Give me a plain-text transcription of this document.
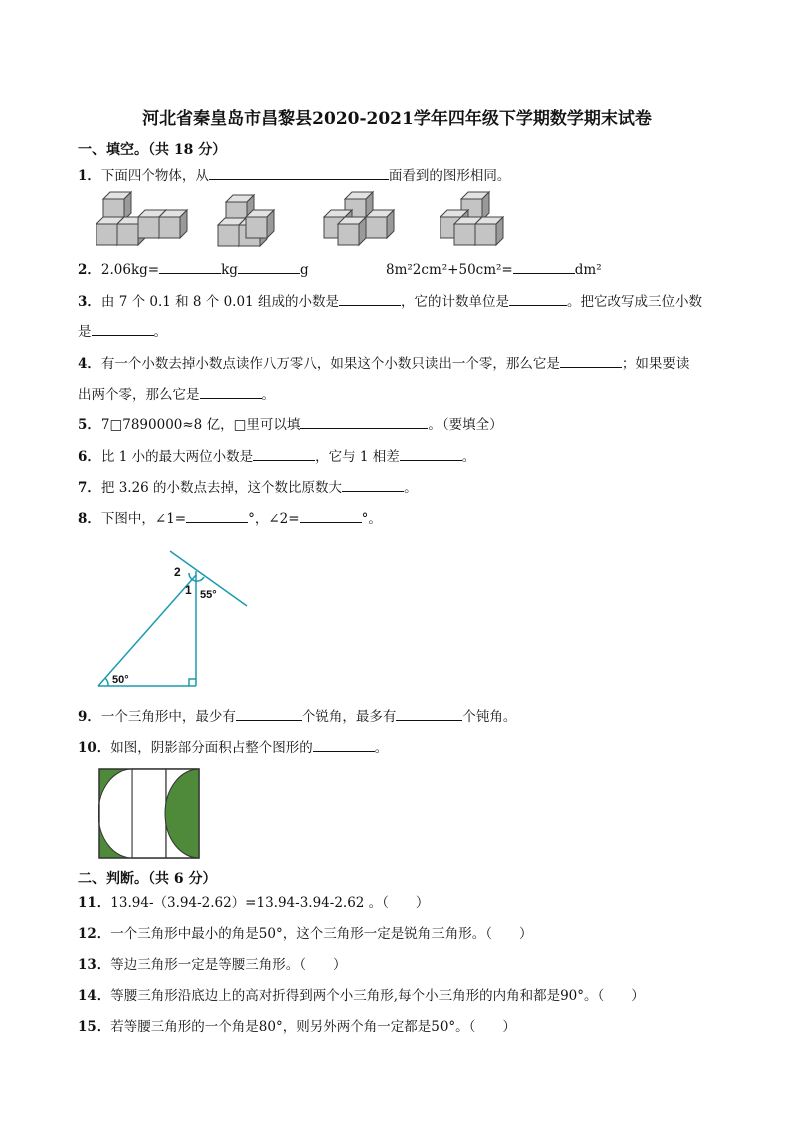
河北省秦皇岛市昌黎县2020-2021学年四年级下学期数学期末试卷
一、填空。（共 18 分）
1．下面四个物体，从	面看到的图形相同。
2．2.06kg=	kg	g	8m²2cm²+50cm²=	dm²
3．由 7 个 0.1 和 8 个 0.01 组成的小数是	，它的计数单位是	。把它改写成三位小数
是	。
4．有一个小数去掉小数点读作八万零八，如果这个小数只读出一个零，那么它是	；如果要读
出两个零，那么它是	。
5．7□7890000≈8 亿，□里可以填	。（要填全）
6．比 1 小的最大两位小数是	，它与 1 相差	。
7．把 3.26 的小数点去掉，这个数比原数大	。
8．下图中，∠1=	°，∠2=	°。
2
1 55°
50°
9．一个三角形中，最少有	个锐角，最多有	个钝角。
10．如图，阴影部分面积占整个图形的	。
二、判断。（共 6 分）
11．13.94-（3.94-2.62）=13.94-3.94-2.62 。（　　）
12．一个三角形中最小的角是50°，这个三角形一定是锐角三角形。（　　）
13．等边三角形一定是等腰三角形。（　　）
14．等腰三角形沿底边上的高对折得到两个小三角形,每个小三角形的内角和都是90°。（　　）
15．若等腰三角形的一个角是80°，则另外两个角一定都是50°。（　　）
